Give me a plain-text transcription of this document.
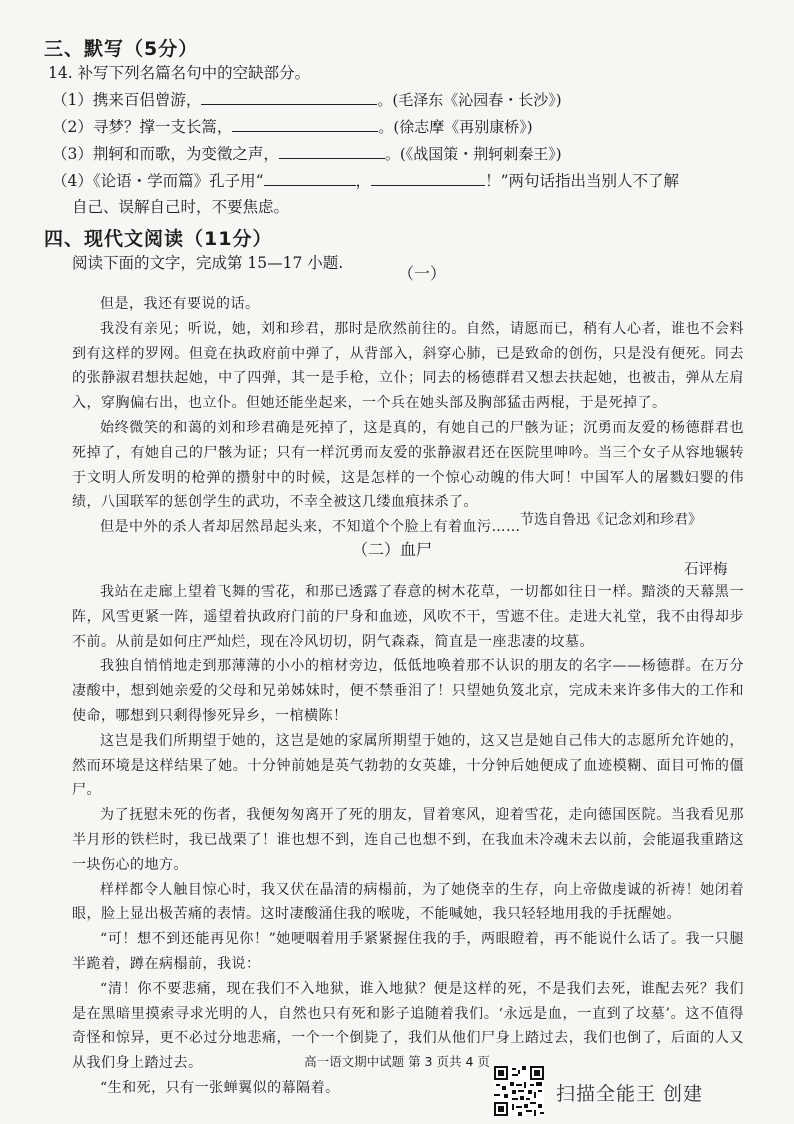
三、默写（5分）
14. 补写下列名篇名句中的空缺部分。
（1）携来百侣曾游，	。(毛泽东《沁园春・长沙》)
（2）寻梦？撑一支长篙，	。(徐志摩《再别康桥》)
（3）荆轲和而歌，为变徵之声，	。(《战国策・荆轲刺秦王》)
（4）《论语・学而篇》孔子用“	，	！”两句话指出当别人不了解
自己、误解自己时，不要焦虑。
四、现代文阅读（11分）
阅读下面的文字，完成第 15—17 小题.
（一）

但是，我还有要说的话。

我没有亲见；听说，她，刘和珍君，那时是欣然前往的。自然，请愿而已，稍有人心者，谁也不会料到有这样的罗网。但竟在执政府前中弹了，从背部入，斜穿心肺，已是致命的创伤，只是没有便死。同去的张静淑君想扶起她，中了四弹，其一是手枪，立仆；同去的杨德群君又想去扶起她，也被击，弹从左肩入，穿胸偏右出，也立仆。但她还能坐起来，一个兵在她头部及胸部猛击两棍，于是死掉了。

始终微笑的和蔼的刘和珍君确是死掉了，这是真的，有她自己的尸骸为证；沉勇而友爱的杨德群君也死掉了，有她自己的尸骸为证；只有一样沉勇而友爱的张静淑君还在医院里呻吟。当三个女子从容地辗转于文明人所发明的枪弹的攒射中的时候，这是怎样的一个惊心动魄的伟大呵！中国军人的屠戮妇婴的伟绩，八国联军的惩创学生的武功，不幸全被这几缕血痕抹杀了。

但是中外的杀人者却居然昂起头来，不知道个个脸上有着血污…… 节选自鲁迅《记念刘和珍君》
（二）血尸
石评梅

我站在走廊上望着飞舞的雪花，和那已透露了春意的树木花草，一切都如往日一样。黯淡的天幕黑一阵，风雪更紧一阵，遥望着执政府门前的尸身和血迹，风吹不干，雪遮不住。走进大礼堂，我不由得却步不前。从前是如何庄严灿烂，现在冷风切切，阴气森森，简直是一座悲凄的坟墓。

我独自悄悄地走到那薄薄的小小的棺材旁边，低低地唤着那不认识的朋友的名字——杨德群。在万分凄酸中，想到她亲爱的父母和兄弟姊妹时，便不禁垂泪了！只望她负笈北京，完成未来许多伟大的工作和使命，哪想到只剩得惨死异乡，一棺横陈！

这岂是我们所期望于她的，这岂是她的家属所期望于她的，这又岂是她自己伟大的志愿所允许她的，然而环境是这样结果了她。十分钟前她是英气勃勃的女英雄，十分钟后她便成了血迹模糊、面目可怖的僵尸。

为了抚慰未死的伤者，我便匆匆离开了死的朋友，冒着寒风，迎着雪花，走向德国医院。当我看见那半月形的铁栏时，我已战栗了！谁也想不到，连自己也想不到，在我血未冷魂未去以前，会能逼我重踏这一块伤心的地方。

样样都令人触目惊心时，我又伏在晶清的病榻前，为了她侥幸的生存，向上帝做虔诚的祈祷！她闭着眼，脸上显出极苦痛的表情。这时凄酸涌住我的喉咙，不能喊她，我只轻轻地用我的手抚醒她。

“可！想不到还能再见你！”她哽咽着用手紧紧握住我的手，两眼瞪着，再不能说什么话了。我一只腿半跪着，蹲在病榻前，我说：

“清！你不要悲痛，现在我们不入地狱，谁入地狱？便是这样的死，不是我们去死，谁配去死？我们是在黑暗里摸索寻求光明的人，自然也只有死和影子追随着我们。‘永远是血，一直到了坟墓’。这不值得奇怪和惊异，更不必过分地悲痛，一个一个倒毙了，我们从他们尸身上踏过去，我们也倒了，后面的人又从我们身上踏过去。

“生和死，只有一张蝉翼似的幕隔着。

高一语文期中试题 第 3 页共 4 页
扫描全能王 创建
